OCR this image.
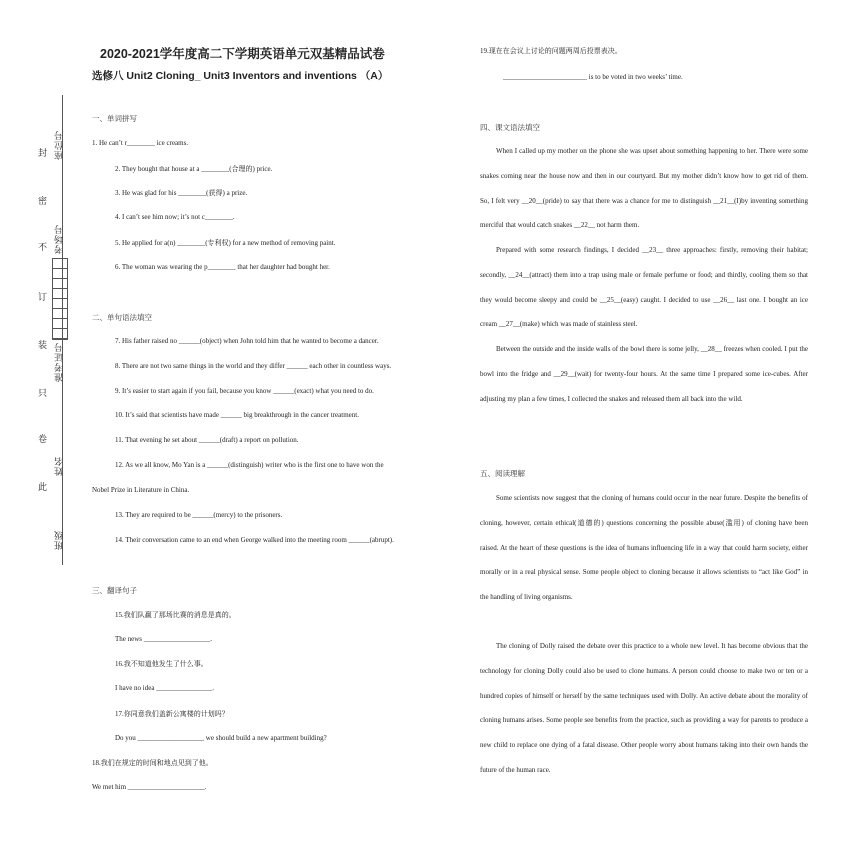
封
密
不
订
装
只
卷
此
座位号
考场号
准考证号
姓名
班级
2020-2021学年度高二下学期英语单元双基精品试卷
选修八 Unit2 Cloning_ Unit3 Inventors and inventions （A）
一、单词拼写
1. He can’t r________ ice creams.
2. They bought that house at a ________(合理的) price.
3. He was glad for his ________(获得) a prize.
4. I can’t see him now; it’s not c________.
5. He applied for a(n) ________(专利权) for a new method of removing paint.
6. The woman was wearing the p________ that her daughter had bought her.
二、单句语法填空
7. His father raised no ______(object) when John told him that he wanted to become a dancer.
8. There are not two same things in the world and they differ ______ each other in countless ways.
9. It’s easier to start again if you fail, because you know ______(exact) what you need to do.
10. It’s said that scientists have made ______ big breakthrough in the cancer treatment.
11. That evening he set about ______(draft) a report on pollution.
12. As we all know, Mo Yan is a ______(distinguish) writer who is the first one to have won the
Nobel Prize in Literature in China.
13. They are required to be ______(mercy) to the prisoners.
14. Their conversation came to an end when George walked into the meeting room ______(abrupt).
三、翻译句子
15.我们队赢了那场比赛的消息是真的。
The news ___________________.
16.我不知道他发生了什么事。
I have no idea ________________.
17.你同意我们盖新公寓楼的计划吗？
Do you ___________________ we should build a new apartment building?
18.我们在规定的时间和地点见到了他。
We met him ______________________.
19.现在在会议上讨论的问题两周后投票表决。
________________________ is to be voted in two weeks’ time.
四、课文语法填空
When I called up my mother on the phone she was upset about something happening to her. There were some snakes coming near the house now and then in our courtyard. But my mother didn’t know how to get rid of them. So, I felt very __20__(pride) to say that there was a chance for me to distinguish __21__(I)by inventing something merciful that would catch snakes __22__ not harm them.
Prepared with some research findings, I decided __23__ three approaches: firstly, removing their habitat; secondly, __24__(attract) them into a trap using male or female perfume or food; and thirdly, cooling them so that they would become sleepy and could be __25__(easy) caught. I decided to use __26__ last one. I bought an ice cream __27__(make) which was made of stainless steel.
Between the outside and the inside walls of the bowl there is some jelly, __28__ freezes when cooled. I put the bowl into the fridge and __29__(wait) for twenty-four hours. At the same time I prepared some ice-cubes. After adjusting my plan a few times, I collected the snakes and released them all back into the wild.
五、阅读理解
Some scientists now suggest that the cloning of humans could occur in the near future. Despite the benefits of cloning, however, certain ethical(道德的) questions concerning the possible abuse(滥用) of cloning have been raised. At the heart of these questions is the idea of humans influencing life in a way that could harm society, either morally or in a real physical sense. Some people object to cloning because it allows scientists to “act like God” in the handling of living organisms.
The cloning of Dolly raised the debate over this practice to a whole new level. It has become obvious that the technology for cloning Dolly could also be used to clone humans. A person could choose to make two or ten or a hundred copies of himself or herself by the same techniques used with Dolly. An active debate about the morality of cloning humans arises. Some people see benefits from the practice, such as providing a way for parents to produce a new child to replace one dying of a fatal disease. Other people worry about humans taking into their own hands the future of the human race.
